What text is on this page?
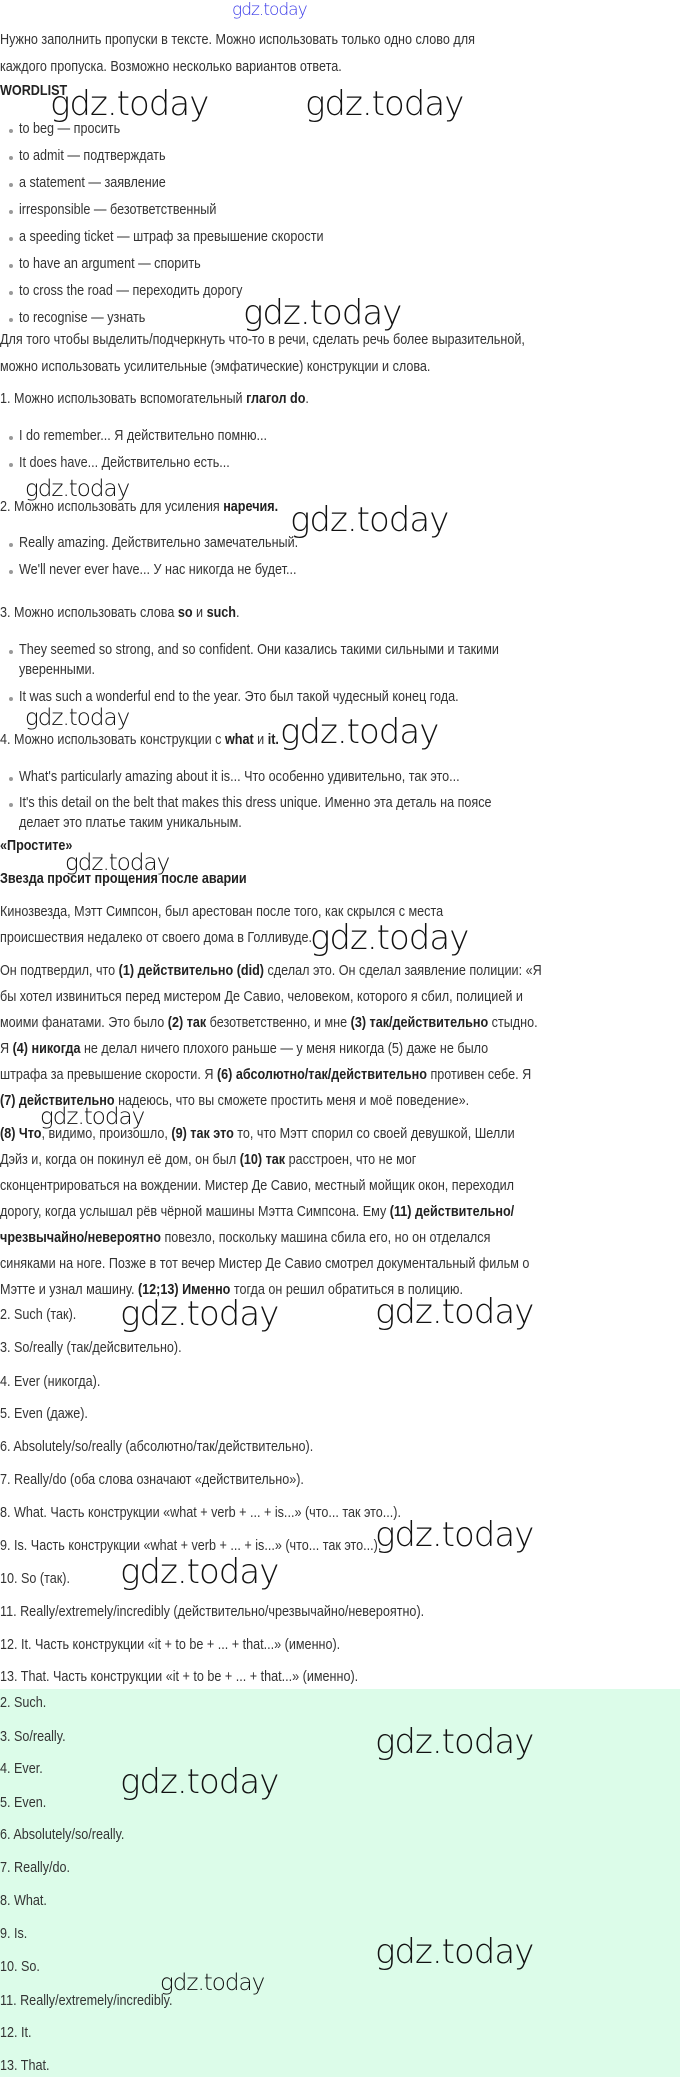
Нужно заполнить пропуски в тексте. Можно использовать только одно слово для
каждого пропуска. Возможно несколько вариантов ответа.
WORDLIST
to beg — просить
to admit — подтверждать
a statement — заявление
irresponsible — безответственный
a speeding ticket — штраф за превышение скорости
to have an argument — спорить
to cross the road — переходить дорогу
to recognise — узнать
Для того чтобы выделить/подчеркнуть что-то в речи, сделать речь более выразительной,
можно использовать усилительные (эмфатические) конструкции и слова.
1. Можно использовать вспомогательный глагол do.
I do remember... Я действительно помню...
It does have... Действительно есть...
2. Можно использовать для усиления наречия.
Really amazing. Действительно замечательный.
We'll never ever have... У нас никогда не будет...
3. Можно использовать слова so и such.
They seemed so strong, and so confident. Они казались такими сильными и такими
уверенными.
It was such a wonderful end to the year. Это был такой чудесный конец года.
4. Можно использовать конструкции с what и it.
What's particularly amazing about it is... Что особенно удивительно, так это...
It's this detail on the belt that makes this dress unique. Именно эта деталь на поясе
делает это платье таким уникальным.
«Простите»
Звезда просит прощения после аварии
Кинозвезда, Мэтт Симпсон, был арестован после того, как скрылся с места
происшествия недалеко от своего дома в Голливуде.
Он подтвердил, что (1) действительно (did) сделал это. Он сделал заявление полиции: «Я
бы хотел извиниться перед мистером Де Савио, человеком, которого я сбил, полицией и
моими фанатами. Это было (2) так безответственно, и мне (3) так/действительно стыдно.
Я (4) никогда не делал ничего плохого раньше — у меня никогда (5) даже не было
штрафа за превышение скорости. Я (6) абсолютно/так/действительно противен себе. Я
(7) действительно надеюсь, что вы сможете простить меня и моё поведение».
(8) Что, видимо, произошло, (9) так это то, что Мэтт спорил со своей девушкой, Шелли
Дэйз и, когда он покинул её дом, он был (10) так расстроен, что не мог
сконцентрироваться на вождении. Мистер Де Савио, местный мойщик окон, переходил
дорогу, когда услышал рёв чёрной машины Мэтта Симпсона. Ему (11) действительно/
чрезвычайно/невероятно повезло, поскольку машина сбила его, но он отделался
синяками на ноге. Позже в тот вечер Мистер Де Савио смотрел документальный фильм о
Мэтте и узнал машину. (12;13) Именно тогда он решил обратиться в полицию.
2. Such (так).
3. So/really (так/дейсвительно).
4. Ever (никогда).
5. Even (даже).
6. Absolutely/so/really (абсолютно/так/действительно).
7. Really/do (оба слова означают «действительно»).
8. What. Часть конструкции «what + verb + ... + is...» (что... так это...).
9. Is. Часть конструкции «what + verb + ... + is...» (что... так это...).
10. So (так).
11. Really/extremely/incredibly (действительно/чрезвычайно/невероятно).
12. It. Часть конструкции «it + to be + ... + that...» (именно).
13. That. Часть конструкции «it + to be + ... + that...» (именно).
2. Such.
3. So/really.
4. Ever.
5. Even.
6. Absolutely/so/really.
7. Really/do.
8. What.
9. Is.
10. So.
11. Really/extremely/incredibly.
12. It.
13. That.
gdz.today
gdz.today	gdz.today
gdz.today
gdz.today
gdz.today
gdz.today	gdz.today
gdz.today
gdz.today
gdz.today
gdz.today	gdz.today
gdz.today
gdz.today
gdz.today
gdz.today
gdz.today
gdz.today
